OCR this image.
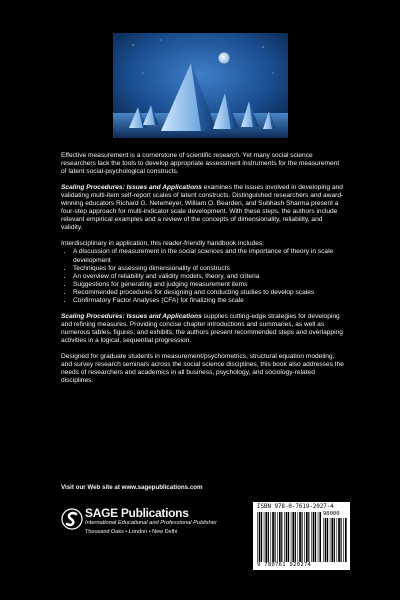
Effective measurement is a cornerstone of scientific research. Yet many social science researchers lack the tools to develop appropriate assessment instruments for the measurement of latent social-psychological constructs.

Scaling Procedures: Issues and Applications examines the issues involved in developing and validating multi-item self-report scales of latent constructs. Distinguished researchers and award-winning educators Richard G. Netemeyer, William O. Bearden, and Subhash Sharma present a four-step approach for multi-indicator scale development. With these steps, the authors include relevant empirical examples and a review of the concepts of dimensionality, reliability, and validity.

Interdisciplinary in application, this reader-friendly handbook includes:

• A discussion of measurement in the social sciences and the importance of theory in scale development
• Techniques for assessing dimensionality of constructs
• An overview of reliability and validity models, theory, and criteria
• Suggestions for generating and judging measurement items
• Recommended procedures for designing and conducting studies to develop scales
• Confirmatory Factor Analyses (CFA) for finalizing the scale

Scaling Procedures: Issues and Applications supplies cutting-edge strategies for developing and refining measures. Providing concise chapter introductions and summaries, as well as numerous tables, figures, and exhibits, the authors present recommended steps and overlapping activities in a logical, sequential progression.

Designed for graduate students in measurement/psychometrics, structural equation modeling, and survey research seminars across the social science disciplines, this book also addresses the needs of researchers and academics in all business, psychology, and sociology-related disciplines.

Visit our Web site at www.sagepublications.com
SAGE Publications
International Educational and Professional Publisher
Thousand Oaks • London • New Delhi
ISBN 978-0-7619-2027-4
90000
9 780761 920274
